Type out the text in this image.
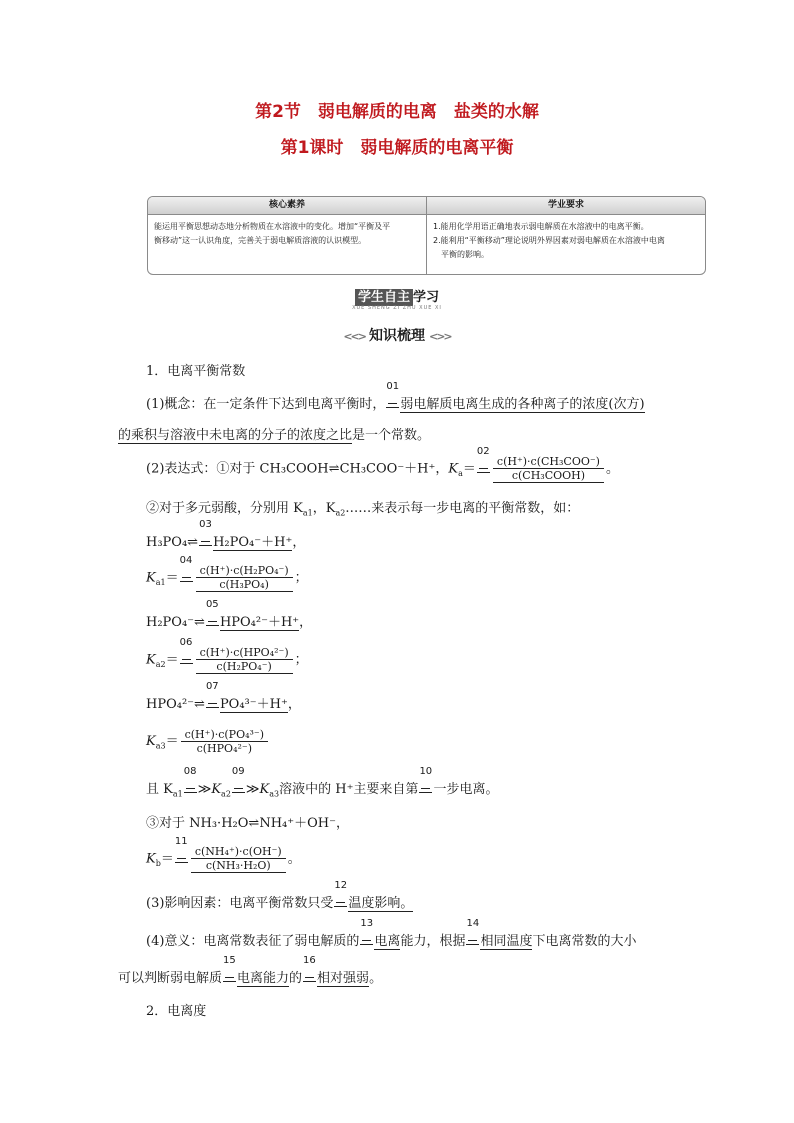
第2节　弱电解质的电离　盐类的水解
第1课时　弱电解质的电离平衡
核心素养
能运用平衡思想动态地分析物质在水溶液中的变化。增加“平衡及平
衡移动”这一认识角度，完善关于弱电解质溶液的认识模型。
学业要求
1.能用化学用语正确地表示弱电解质在水溶液中的电离平衡。
2.能利用“平衡移动”理论说明外界因素对弱电解质在水溶液中电离
　平衡的影响。
学生自主 学习
XUE SHENG ZI ZHU XUE XI
<<> 知识梳理 <>>
1．电离平衡常数
(1)概念：在一定条件下达到电离平衡时，
01
弱电解质电离生成的各种离子的浓度(次方)
的乘积与溶液中未电离的分子的浓度之比是一个常数。
(2)表达式：①对于 CH₃COOH⇌CH₃COO⁻＋H⁺，$K_a=$
02
$\frac{\text{c(H⁺)·c(CH₃COO⁻)}}{\text{c(CH₃COOH)}}$ 。
②对于多元弱酸，分别用 $K_{a1}$，$K_{a2}\dots\dots$来表示每一步电离的平衡常数，如：
H₃PO₄⇌
03
H₂PO₄⁻＋H⁺，
$K_{a1}=$
04
$\frac{\text{c(H⁺)·c(H₂PO₄⁻)}}{\text{c(H₃PO₄)}}$ ；
H₂PO₄⁻⇌
05
HPO₄²⁻＋H⁺，
$K_{a2}=$
06
$\frac{\text{c(H⁺)·c(HPO₄²⁻)}}{\text{c(H₂PO₄⁻)}}$ ；
HPO₄²⁻⇌
07
PO₄³⁻＋H⁺，
$K_{a3}= \frac{\text{c(H⁺)·c(PO₄³⁻)}}{\text{c(HPO₄²⁻)}}$
且 $K_{a1}$
08
$≫K_{a2}$
09
$≫K_{a3}$溶液中的 H⁺主要来自第
10
一步电离。
③对于 NH₃·H₂O⇌NH₄⁺＋OH⁻，
$K_b=$
11
$\frac{\text{c(NH₄⁺)·c(OH⁻)}}{\text{c(NH₃·H₂O)}}$ 。
(3)影响因素：电离平衡常数只受
12
温度影响。
(4)意义：电离常数表征了弱电解质的
13
电离能力，根据
14
相同温度下电离常数的大小
可以判断弱电解质
15
电离能力的
16
相对强弱。
2．电离度
